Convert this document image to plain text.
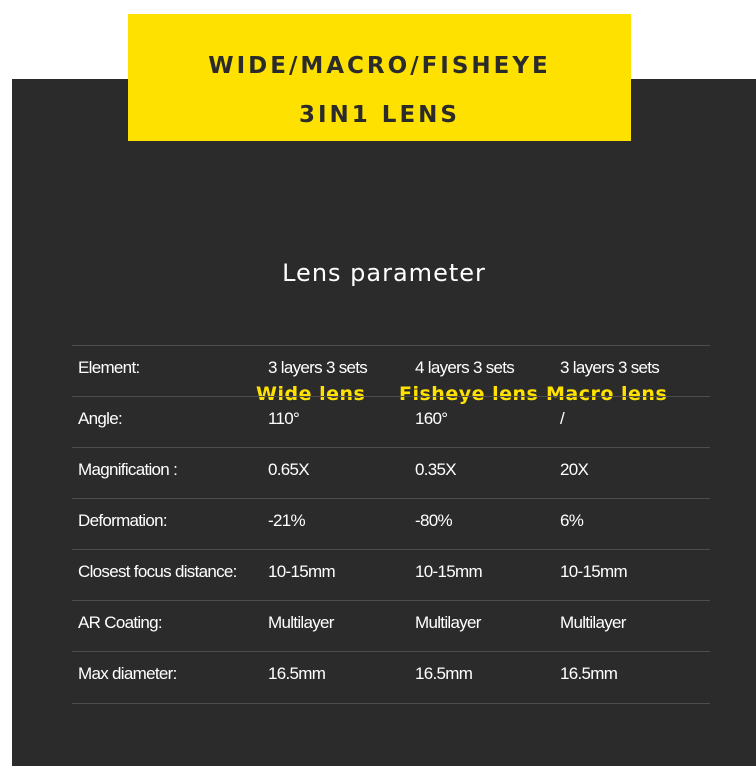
Lens parameter
Wide lens Fisheye lens Macro lens
Element:	3 layers 3 sets	4 layers 3 sets	3 layers 3 sets
Angle:	110°	160°	/
Magnification :	0.65X	0.35X	20X
Deformation:	-21%	-80%	6%
Closest focus distance: 10-15mm	10-15mm	10-15mm
AR Coating:	Multilayer	Multilayer	Multilayer
Max diameter:	16.5mm	16.5mm	16.5mm
WIDE/MACRO/FISHEYE
3IN1 LENS
